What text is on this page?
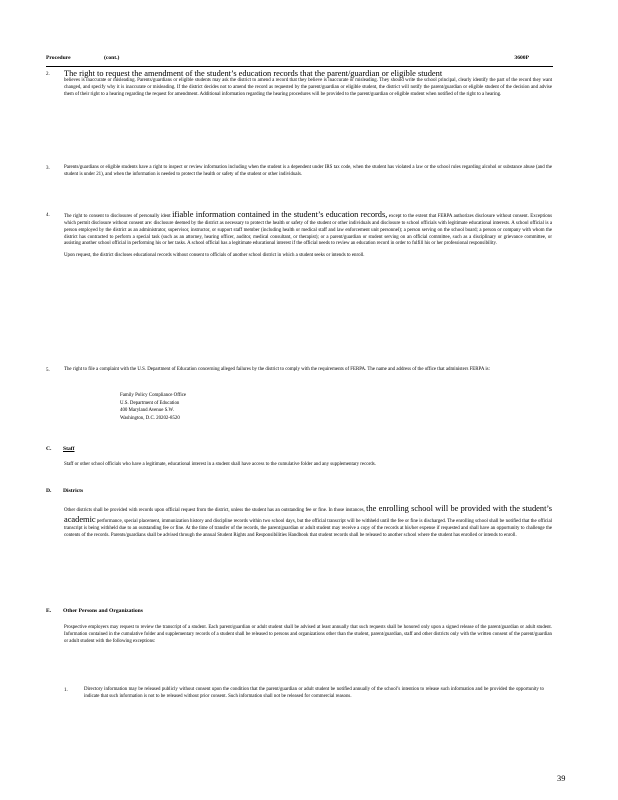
Procedure	(cont.)	3600P
2. The right to request the amendment of the student’s education records that the parent/guardian or eligible student

believes is inaccurate or misleading. Parents/guardians or eligible students may ask the district to amend a record that they believe is inaccurate or misleading. They should write the school principal, clearly identify the part of the record they want changed, and specify why it is inaccurate or misleading. If the district decides not to amend the record as requested by the parent/guardian or eligible student, the district will notify the parent/guardian or eligible student of the decision and advise them of their right to a hearing regarding the request for amendment. Additional information regarding the hearing procedures will be provided to the parent/guardian or eligible student when notified of the right to a hearing.

3.	Parents/guardians or eligible students have a right to inspect or review information including when the student is a dependent under IRS tax code, when the student has violated a law or the school rules regarding alcohol or substance abuse (and the student is under 21), and when the information is needed to protect the health or safety of the student or other individuals.

4.	The right to consent to disclosures of personally ident ifiable information contained in the student’s education records, except to the extent that FERPA authorizes disclosure without consent. Exceptions which permit disclosure without consent are: disclosure deemed by the district as necessary to protect the health or safety of the student or other individuals and disclosure to school officials with legitimate educational interests. A school official is a person employed by the district as an administrator, supervisor, instructor, or support staff member (including health or medical staff and law enforcement unit personnel); a person serving on the school board; a person or company with whom the district has contracted to perform a special task (such as an attorney, hearing officer, auditor, medical consultant, or therapist); or a parent/guardian or student serving on an official committee, such as a disciplinary or grievance committee, or assisting another school official in performing his or her tasks. A school official has a legitimate educational interest if the official needs to review an education record in order to fulfill his or her professional responsibility.

Upon request, the district discloses educational records without consent to officials of another school district in which a student seeks or intends to enroll.

5.	The right to file a complaint with the U.S. Department of Education concerning alleged failures by the district to comply with the requirements of FERPA. The name and address of the office that administers FERPA is:

Family Policy Compliance Office
U.S. Department of Education
400 Maryland Avenue S.W.
Washington, D.C. 20202-8520
C. Staff

Staff or other school officials who have a legitimate, educational interest in a student shall have access to the cumulative folder and any supplementary records.

D. Districts

Other districts shall be provided with records upon official request from the district, unless the student has an outstanding fee or fine. In those instances, the enrolling school will be provided with the student’s academic performance, special placement, immunization history and discipline records within two school days, but the official transcript will be withheld until the fee or fine is discharged. The enrolling school shall be notified that the official transcript is being withheld due to an outstanding fee or fine. At the time of transfer of the records, the parent/guardian or adult student may receive a copy of the records at his/her expense if requested and shall have an opportunity to challenge the contents of the records. Parents/guardians shall be advised through the annual Student Rights and Responsibilities Handbook that student records shall be released to another school where the student has enrolled or intends to enroll.

E. Other Persons and Organizations

Prospective employers may request to review the transcript of a student. Each parent/guardian or adult student shall be advised at least annually that such requests shall be honored only upon a signed release of the parent/guardian or adult student. Information contained in the cumulative folder and supplementary records of a student shall be released to persons and organizations other than the student, parent/guardian, staff and other districts only with the written consent of the parent/guardian or adult student with the following exceptions:

1.	Directory information may be released publicly without consent upon the condition that the parent/guardian or adult student be notified annually of the school’s intention to release such information and be provided the opportunity to indicate that such information is not to be released without prior consent. Such information shall not be released for commercial reasons.

39
